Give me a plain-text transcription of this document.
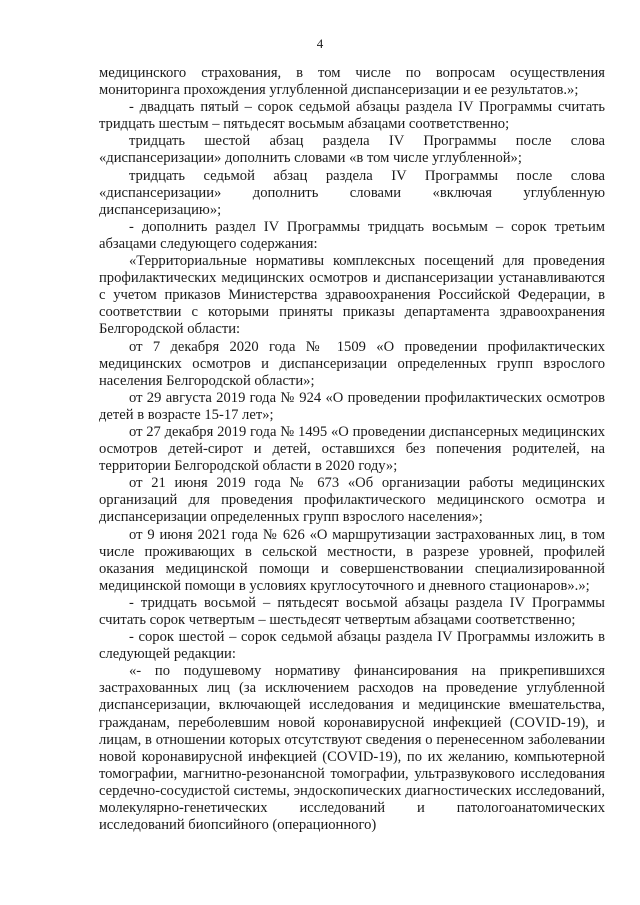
4

медицинского страхования, в том числе по вопросам осуществления мониторинга прохождения углубленной диспансеризации и ее результатов.»;

- двадцать пятый – сорок седьмой абзацы раздела IV Программы считать тридцать шестым – пятьдесят восьмым абзацами соответственно;

тридцать шестой абзац раздела IV Программы после слова «диспансеризации» дополнить словами «в том числе углубленной»;

тридцать седьмой абзац раздела IV Программы после слова «диспансеризации» дополнить словами «включая углубленную диспансеризацию»;

- дополнить раздел IV Программы тридцать восьмым – сорок третьим абзацами следующего содержания:

«Территориальные нормативы комплексных посещений для проведения профилактических медицинских осмотров и диспансеризации устанавливаются с учетом приказов Министерства здравоохранения Российской Федерации, в соответствии с которыми приняты приказы департамента здравоохранения Белгородской области:

от 7 декабря 2020 года № 1509 «О проведении профилактических медицинских осмотров и диспансеризации определенных групп взрослого населения Белгородской области»;

от 29 августа 2019 года № 924 «О проведении профилактических осмотров детей в возрасте 15-17 лет»;

от 27 декабря 2019 года № 1495 «О проведении диспансерных медицинских осмотров детей-сирот и детей, оставшихся без попечения родителей, на территории Белгородской области в 2020 году»;

от 21 июня 2019 года № 673 «Об организации работы медицинских организаций для проведения профилактического медицинского осмотра и диспансеризации определенных групп взрослого населения»;

от 9 июня 2021 года № 626 «О маршрутизации застрахованных лиц, в том числе проживающих в сельской местности, в разрезе уровней, профилей оказания медицинской помощи и совершенствовании специализированной медицинской помощи в условиях круглосуточного и дневного стационаров».»;

- тридцать восьмой – пятьдесят восьмой абзацы раздела IV Программы считать сорок четвертым – шестьдесят четвертым абзацами соответственно;

- сорок шестой – сорок седьмой абзацы раздела IV Программы изложить в следующей редакции:

«- по подушевому нормативу финансирования на прикрепившихся застрахованных лиц (за исключением расходов на проведение углубленной диспансеризации, включающей исследования и медицинские вмешательства, гражданам, переболевшим новой коронавирусной инфекцией (COVID-19), и лицам, в отношении которых отсутствуют сведения о перенесенном заболевании новой коронавирусной инфекцией (COVID-19), по их желанию, компьютерной томографии, магнитно-резонансной томографии, ультразвукового исследования сердечно-сосудистой системы, эндоскопических диагностических исследований, молекулярно-генетических исследований и патологоанатомических исследований биопсийного (операционного)
